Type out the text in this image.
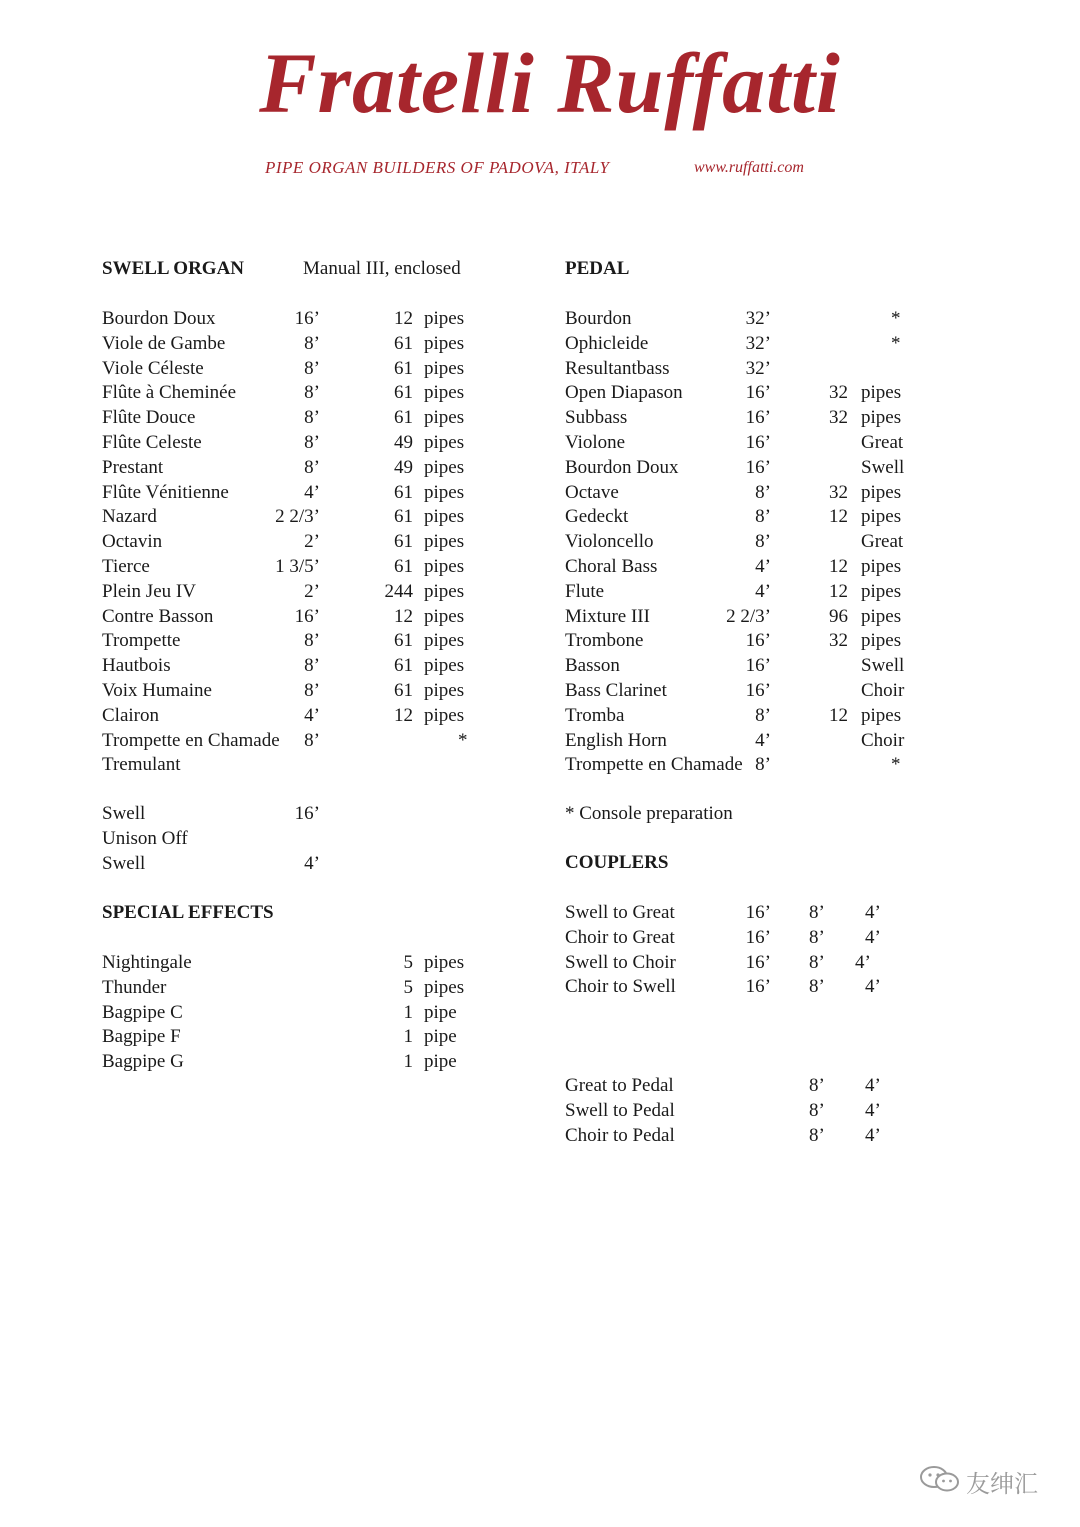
Fratelli Ruffatti
PIPE ORGAN BUILDERS OF PADOVA, ITALY	www.ruffatti.com
SWELL ORGAN	Manual III, enclosed
Bourdon Doux	16’	12 pipes
Viole de Gambe	8’	61 pipes
Viole Céleste	8’	61 pipes
Flûte à Cheminée	8’	61 pipes
Flûte Douce	8’	61 pipes
Flûte Celeste	8’	49 pipes
Prestant	8’	49 pipes
Flûte Vénitienne	4’	61 pipes
Nazard	2 2/3’	61 pipes
Octavin	2’	61 pipes
Tierce	1 3/5’	61 pipes
Plein Jeu IV	2’	244 pipes
Contre Basson	16’	12 pipes
Trompette	8’	61 pipes
Hautbois	8’	61 pipes
Voix Humaine	8’	61 pipes
Clairon	4’	12 pipes
Trompette en Chamade	8’	*
Tremulant
Swell	16’
Unison Off
Swell	4’
SPECIAL EFFECTS
Nightingale	5 pipes
Thunder	5 pipes
Bagpipe C	1 pipe
Bagpipe F	1 pipe
Bagpipe G	1 pipe
PEDAL
Bourdon	32’	*
Ophicleide	32’	*
Resultantbass	32’
Open Diapason	16’	32 pipes
Subbass	16’	32 pipes
Violone	16’	Great
Bourdon Doux	16’	Swell
Octave	8’	32 pipes
Gedeckt	8’	12 pipes
Violoncello	8’	Great
Choral Bass	4’	12 pipes
Flute	4’	12 pipes
Mixture III	2 2/3’	96 pipes
Trombone	16’	32 pipes
Basson	16’	Swell
Bass Clarinet	16’	Choir
Tromba	8’	12 pipes
English Horn	4’	Choir
Trompette en Chamade 8’	*
* Console preparation
COUPLERS
Swell to Great	16’ 8’ 4’
Choir to Great	16’ 8’ 4’
Swell to Choir	16’ 8’ 4’
Choir to Swell	16’ 8’ 4’
Great to Pedal	8’ 4’
Swell to Pedal	8’ 4’
Choir to Pedal	8’ 4’
友绅汇
